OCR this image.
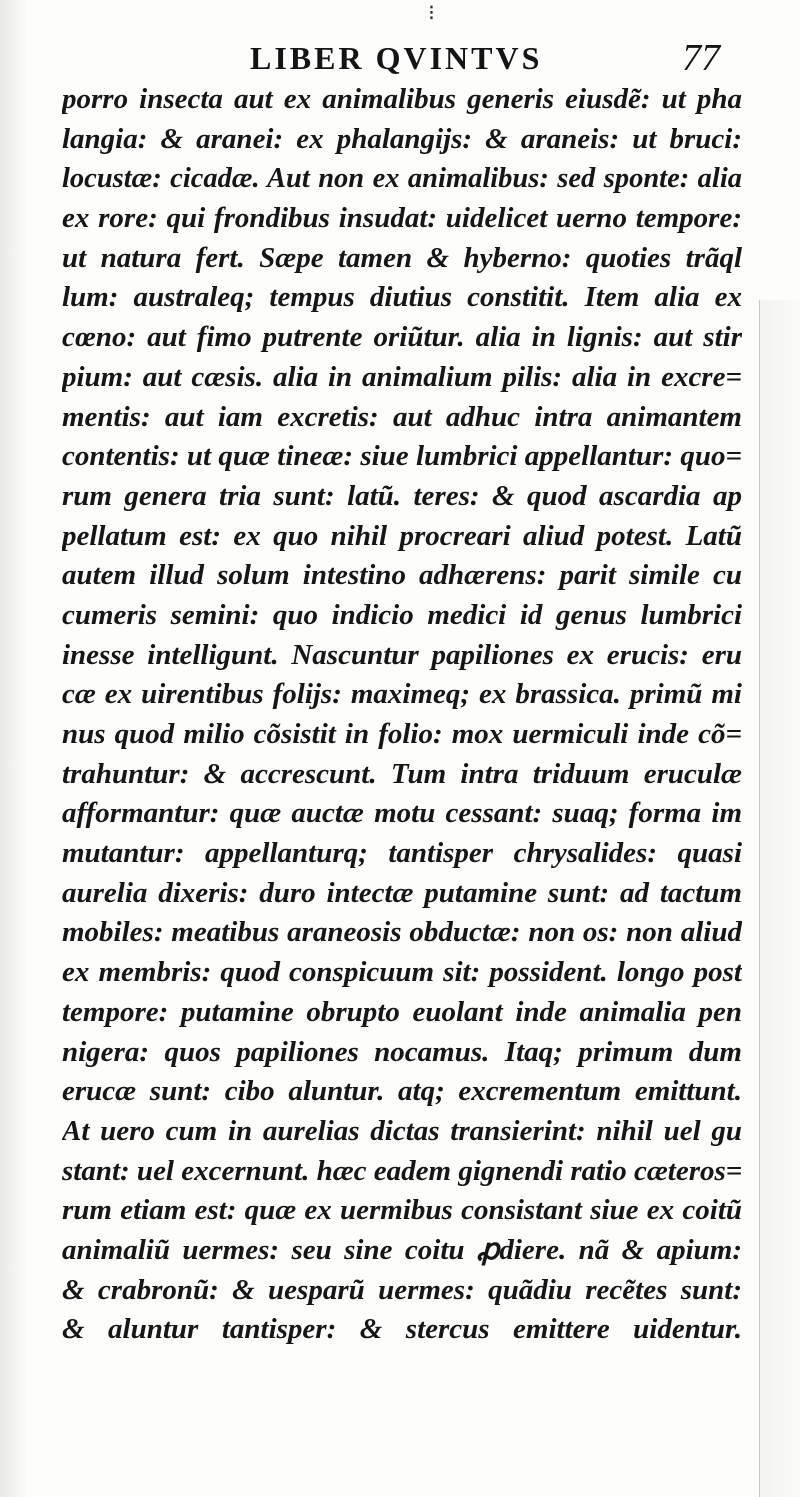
⁝
LIBER QVINTVS	77
porro insecta aut ex animalibus generis eiusdẽ: ut pha
langia: & aranei: ex phalangijs: & araneis: ut bruci:
locustæ: cicadæ. Aut non ex animalibus: sed sponte: alia
ex rore: qui frondibus insudat: uidelicet uerno tempore:
ut natura fert. Sæpe tamen & hyberno: quoties trãql
lum: australeq; tempus diutius constitit. Item alia ex
cœno: aut fimo putrente oriũtur. alia in lignis: aut stir
pium: aut cæsis. alia in animalium pilis: alia in excre=
mentis: aut iam excretis: aut adhuc intra animantem
contentis: ut quæ tineæ: siue lumbrici appellantur: quo=
rum genera tria sunt: latũ. teres: & quod ascardia ap
pellatum est: ex quo nihil procreari aliud potest. Latũ
autem illud solum intestino adhærens: parit simile cu
cumeris semini: quo indicio medici id genus lumbrici
inesse intelligunt. Nascuntur papiliones ex erucis: eru
cæ ex uirentibus folijs: maximeq; ex brassica. primũ mi
nus quod milio cõsistit in folio: mox uermiculi inde cõ=
trahuntur: & accrescunt. Tum intra triduum eruculæ
afformantur: quæ auctæ motu cessant: suaq; forma im
mutantur: appellanturq; tantisper chrysalides: quasi
aurelia dixeris: duro intectæ putamine sunt: ad tactum
mobiles: meatibus araneosis obductæ: non os: non aliud
ex membris: quod conspicuum sit: possident. longo post
tempore: putamine obrupto euolant inde animalia pen
nigera: quos papiliones nocamus. Itaq; primum dum
erucæ sunt: cibo aluntur. atq; excrementum emittunt.
At uero cum in aurelias dictas transierint: nihil uel gu
stant: uel excernunt. hæc eadem gignendi ratio cæteros=
rum etiam est: quæ ex uermibus consistant siue ex coitũ
animaliũ uermes: seu sine coitu ꝓdiere. nã & apium:
& crabronũ: & uesparũ uermes: quãdiu recẽtes sunt:
& aluntur tantisper: & stercus emittere uidentur.
